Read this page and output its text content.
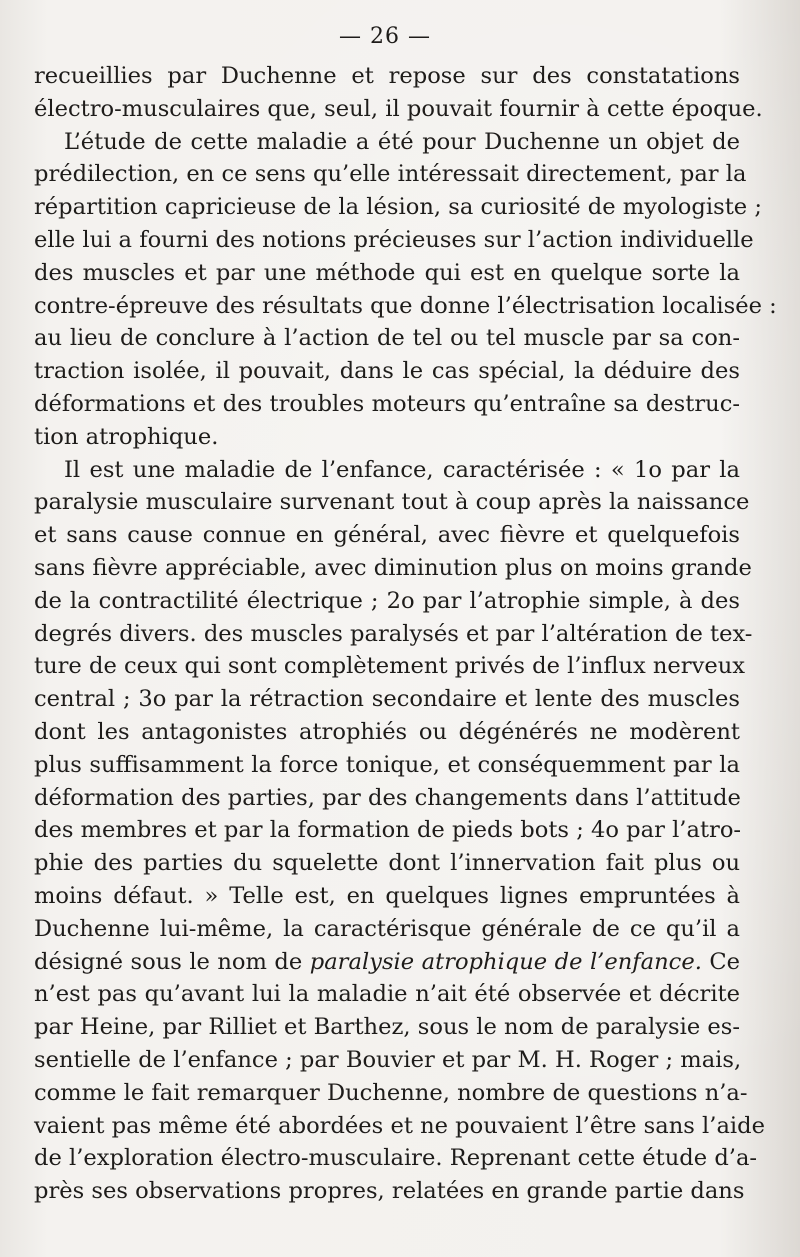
— 26 —
recueillies par Duchenne et repose sur des constatations
électro-musculaires que, seul, il pouvait fournir à cette époque.
L’étude de cette maladie a été pour Duchenne un objet de
prédilection, en ce sens qu’elle intéressait directement, par la
répartition capricieuse de la lésion, sa curiosité de myologiste ;
elle lui a fourni des notions précieuses sur l’action individuelle
des muscles et par une méthode qui est en quelque sorte la
contre-épreuve des résultats que donne l’électrisation localisée :
au lieu de conclure à l’action de tel ou tel muscle par sa con-
traction isolée, il pouvait, dans le cas spécial, la déduire des
déformations et des troubles moteurs qu’entraîne sa destruc-
tion atrophique.
Il est une maladie de l’enfance, caractérisée : « 1o par la
paralysie musculaire survenant tout à coup après la naissance
et sans cause connue en général, avec fièvre et quelquefois
sans fièvre appréciable, avec diminution plus on moins grande
de la contractilité électrique ; 2o par l’atrophie simple, à des
degrés divers. des muscles paralysés et par l’altération de tex-
ture de ceux qui sont complètement privés de l’influx nerveux
central ; 3o par la rétraction secondaire et lente des muscles
dont les antagonistes atrophiés ou dégénérés ne modèrent
plus suffisamment la force tonique, et conséquemment par la
déformation des parties, par des changements dans l’attitude
des membres et par la formation de pieds bots ; 4o par l’atro-
phie des parties du squelette dont l’innervation fait plus ou
moins défaut. » Telle est, en quelques lignes empruntées à
Duchenne lui-même, la caractérisque générale de ce qu’il a
désigné sous le nom de paralysie atrophique de l’enfance. Ce
n’est pas qu’avant lui la maladie n’ait été observée et décrite
par Heine, par Rilliet et Barthez, sous le nom de paralysie es-
sentielle de l’enfance ; par Bouvier et par M. H. Roger ; mais,
comme le fait remarquer Duchenne, nombre de questions n’a-
vaient pas même été abordées et ne pouvaient l’être sans l’aide
de l’exploration électro-musculaire. Reprenant cette étude d’a-
près ses observations propres, relatées en grande partie dans
